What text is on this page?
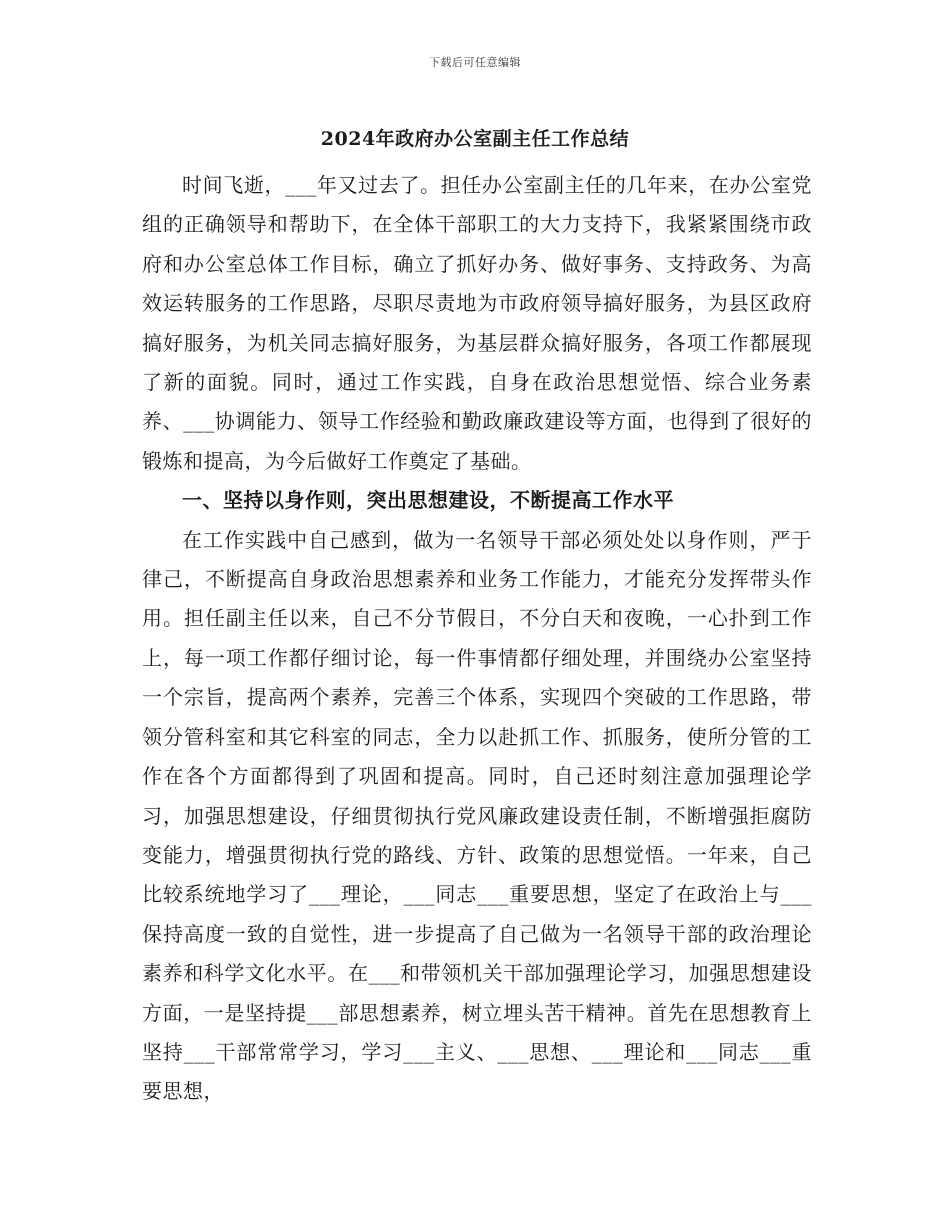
下载后可任意编辑
2024年政府办公室副主任工作总结

时间飞逝，___年又过去了。担任办公室副主任的几年来，在办公室党组的正确领导和帮助下，在全体干部职工的大力支持下，我紧紧围绕市政府和办公室总体工作目标，确立了抓好办务、做好事务、支持政务、为高效运转服务的工作思路，尽职尽责地为市政府领导搞好服务，为县区政府搞好服务，为机关同志搞好服务，为基层群众搞好服务，各项工作都展现了新的面貌。同时，通过工作实践，自身在政治思想觉悟、综合业务素养、___协调能力、领导工作经验和勤政廉政建设等方面，也得到了很好的锻炼和提高，为今后做好工作奠定了基础。

一、坚持以身作则，突出思想建设，不断提高工作水平

在工作实践中自己感到，做为一名领导干部必须处处以身作则，严于律己，不断提高自身政治思想素养和业务工作能力，才能充分发挥带头作用。担任副主任以来，自己不分节假日，不分白天和夜晚，一心扑到工作上，每一项工作都仔细讨论，每一件事情都仔细处理，并围绕办公室坚持一个宗旨，提高两个素养，完善三个体系，实现四个突破的工作思路，带领分管科室和其它科室的同志，全力以赴抓工作、抓服务，使所分管的工作在各个方面都得到了巩固和提高。同时，自己还时刻注意加强理论学习，加强思想建设，仔细贯彻执行党风廉政建设责任制，不断增强拒腐防变能力，增强贯彻执行党的路线、方针、政策的思想觉悟。一年来，自己比较系统地学习了___理论，___同志___重要思想，坚定了在政治上与___保持高度一致的自觉性，进一步提高了自己做为一名领导干部的政治理论素养和科学文化水平。在___和带领机关干部加强理论学习，加强思想建设方面，一是坚持提___部思想素养，树立埋头苦干精神。首先在思想教育上坚持___干部常常学习，学习___主义、___思想、___理论和___同志___重要思想，
